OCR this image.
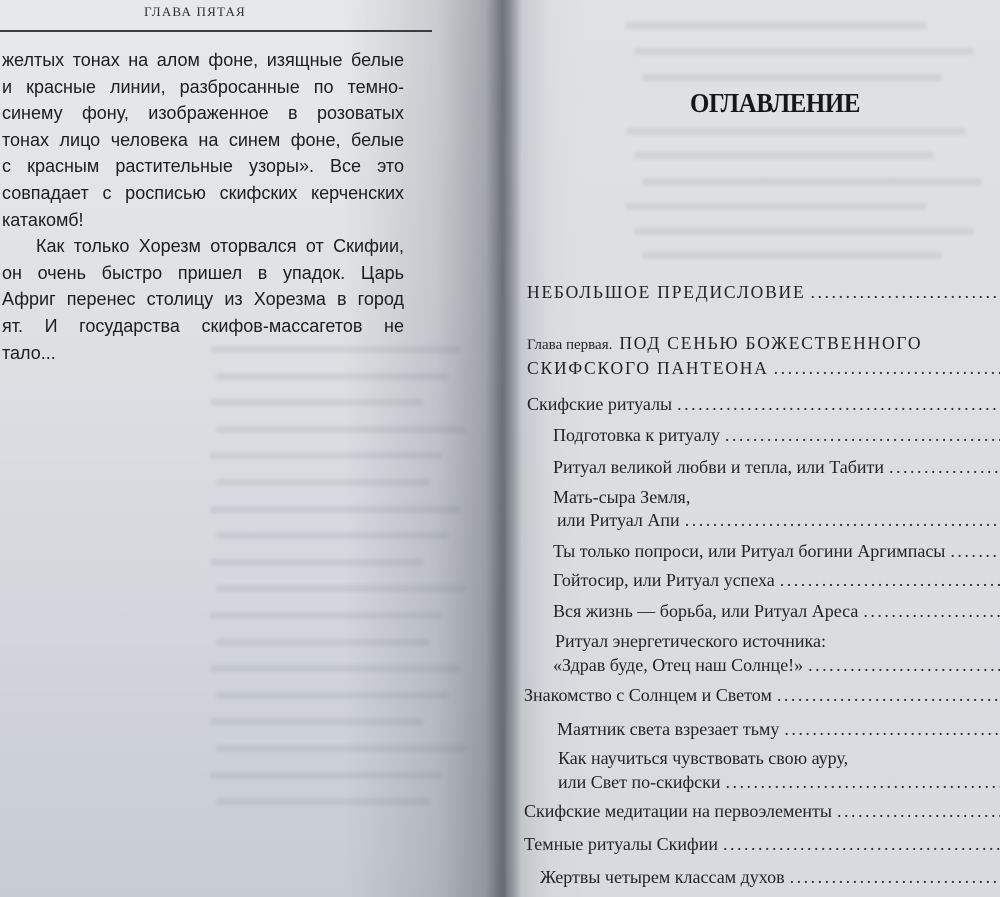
ГЛАВА ПЯТАЯ
желтых тонах на алом фоне, изящные белые
и красные линии, разбросанные по темно-
синему фону, изображенное в розоватых
тонах лицо человека на синем фоне, белые
с красным растительные узоры». Все это
совпадает с росписью скифских керченских
катакомб!
Как только Хорезм оторвался от Скифии,
он очень быстро пришел в упадок. Царь
Африг перенес столицу из Хорезма в город
ят. И государства скифов-массагетов не
тало...
ОГЛАВЛЕНИЕ
НЕБОЛЬШОЕ ПРЕДИСЛОВИЕ
. . .
Глава первая. ПОД СЕНЬЮ БОЖЕСТВЕННОГО
СКИФСКОГО ПАНТЕОНА
. . .
Скифские ритуалы
. . .
Подготовка к ритуалу
. . .
Ритуал великой любви и тепла, или Табити
. . .
Мать-сыра Земля,
или Ритуал Апи
. . .
Ты только попроси, или Ритуал богини Аргимпасы
. . .
Гойтосир, или Ритуал успеха
. . .
Вся жизнь — борьба, или Ритуал Ареса
. . .
Ритуал энергетического источника:
«Здрав буде, Отец наш Солнце!»
. . .
Знакомство с Солнцем и Светом
. . .
Маятник света взрезает тьму
. . .
Как научиться чувствовать свою ауру,
или Свет по-скифски
. . .
Скифские медитации на первоэлементы
. . .
Темные ритуалы Скифии
. . .
Жертвы четырем классам духов
. . .
